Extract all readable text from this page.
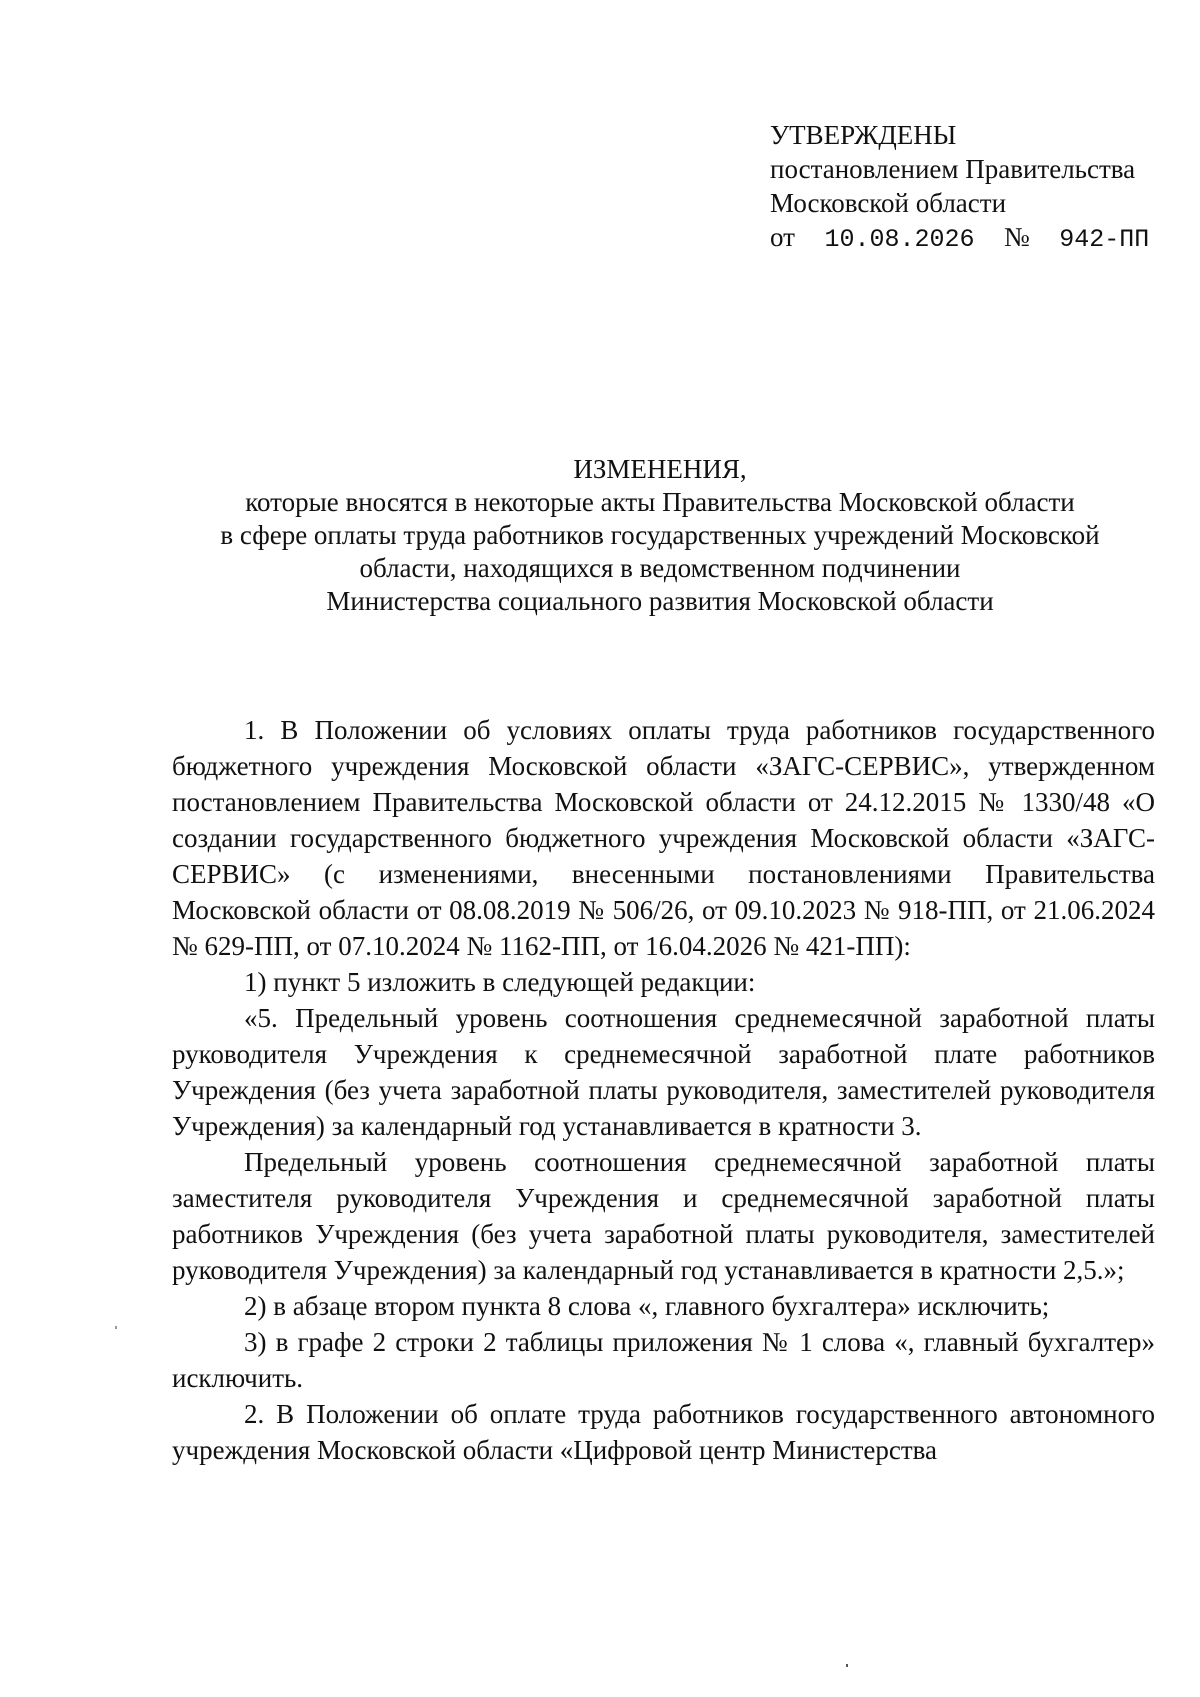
УТВЕРЖДЕНЫ
постановлением Правительства
Московской области
от 10.08.2026 № 942-ПП
ИЗМЕНЕНИЯ,
которые вносятся в некоторые акты Правительства Московской области
в сфере оплаты труда работников государственных учреждений Московской
области, находящихся в ведомственном подчинении
Министерства социального развития Московской области

1. В Положении об условиях оплаты труда работников государственного бюджетного учреждения Московской области «ЗАГС-СЕРВИС», утвержденном постановлением Правительства Московской области от 24.12.2015 № 1330/48 «О создании государственного бюджетного учреждения Московской области «ЗАГС-СЕРВИС» (с изменениями, внесенными постановлениями Правительства Московской области от 08.08.2019 № 506/26, от 09.10.2023 № 918-ПП, от 21.06.2024 № 629-ПП, от 07.10.2024 № 1162-ПП, от 16.04.2026 № 421-ПП):

1) пункт 5 изложить в следующей редакции:

«5. Предельный уровень соотношения среднемесячной заработной платы руководителя Учреждения к среднемесячной заработной плате работников Учреждения (без учета заработной платы руководителя, заместителей руководителя Учреждения) за календарный год устанавливается в кратности 3.

Предельный уровень соотношения среднемесячной заработной платы заместителя руководителя Учреждения и среднемесячной заработной платы работников Учреждения (без учета заработной платы руководителя, заместителей руководителя Учреждения) за календарный год устанавливается в кратности 2,5.»;

2) в абзаце втором пункта 8 слова «, главного бухгалтера» исключить;

3) в графе 2 строки 2 таблицы приложения № 1 слова «, главный бухгалтер» исключить.

2. В Положении об оплате труда работников государственного автономного учреждения Московской области «Цифровой центр Министерства
